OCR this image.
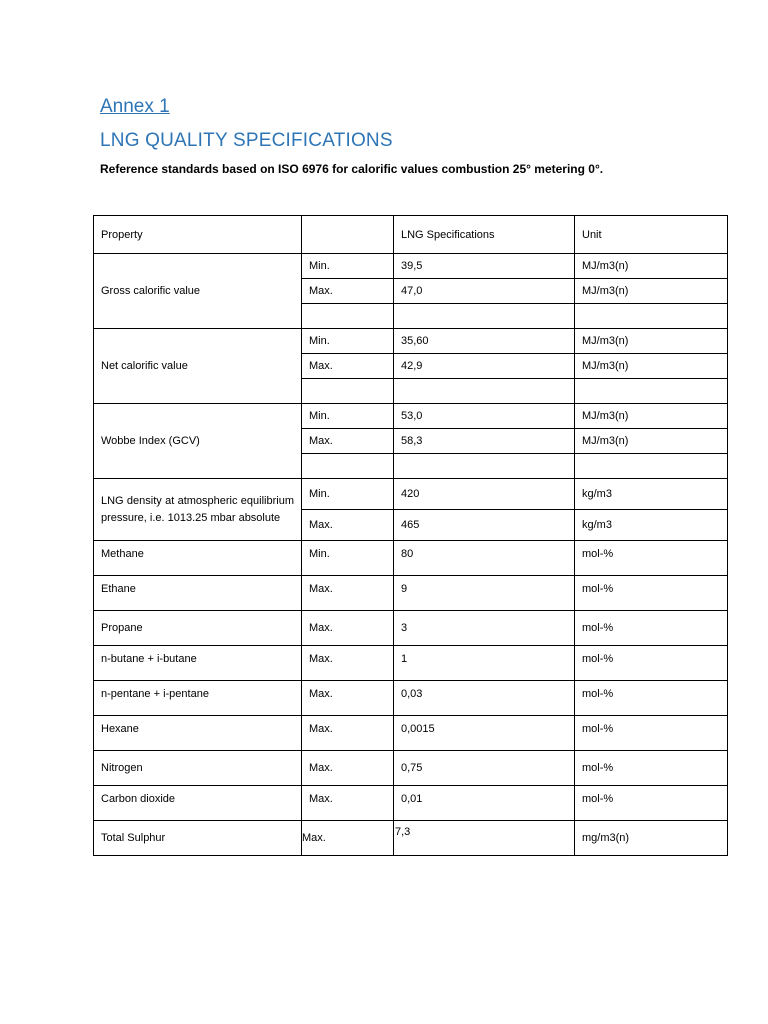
Annex 1
LNG QUALITY SPECIFICATIONS
Reference standards based on ISO 6976 for calorific values combustion 25° metering 0°.
Property		LNG Specifications	Unit
Gross calorific value	Min.	39,5	MJ/m3(n)
	Max.	47,0	MJ/m3(n)

Net calorific value	Min.	35,60	MJ/m3(n)
	Max.	42,9	MJ/m3(n)

Wobbe Index (GCV)	Min.	53,0	MJ/m3(n)
	Max.	58,3	MJ/m3(n)

LNG density at atmospheric equilibrium pressure, i.e. 1013.25 mbar absolute	Min.	420	kg/m3
	Max.	465	kg/m3
Methane	Min.	80	mol-%
Ethane	Max.	9	mol-%
Propane	Max.	3	mol-%
n-butane + i-butane	Max.	1	mol-%
n-pentane + i-pentane	Max.	0,03	mol-%
Hexane	Max.	0,0015	mol-%
Nitrogen	Max.	0,75	mol-%
Carbon dioxide	Max.	0,01	mol-%
Total Sulphur	Max.	7,3	mg/m3(n)
